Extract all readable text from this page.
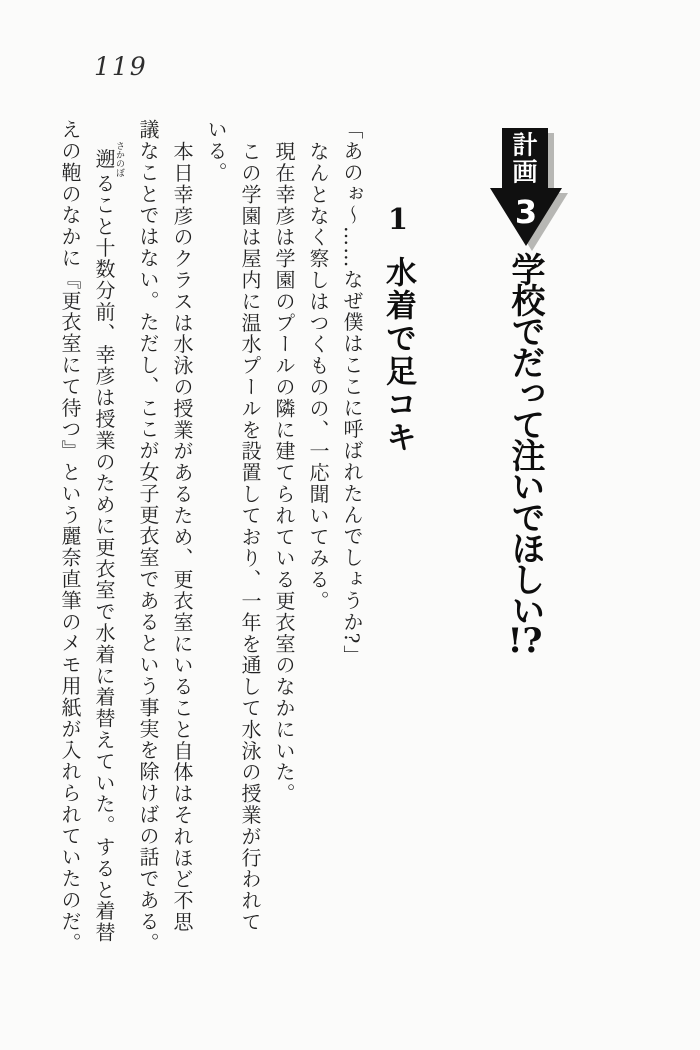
119
計
画
3
学校でだって注いでほしい!?
1
水着で足コキ
「あのぉ～……なぜ僕はここに呼ばれたんでしょうか?」
なんとなく察しはつくものの、一応聞いてみる。
現在幸彦は学園のプールの隣に建てられている更衣室のなかにいた。
この学園は屋内に温水プールを設置しており、一年を通して水泳の授業が行われて
いる。
本日幸彦のクラスは水泳の授業があるため、更衣室にいること自体はそれほど不思
議なことではない。ただし、ここが女子更衣室であるという事実を除けばの話である。
遡さかのぼること十数分前、幸彦は授業のために更衣室で水着に着替えていた。すると着替
えの鞄のなかに『更衣室にて待つ』という麗奈直筆のメモ用紙が入れられていたのだ。
